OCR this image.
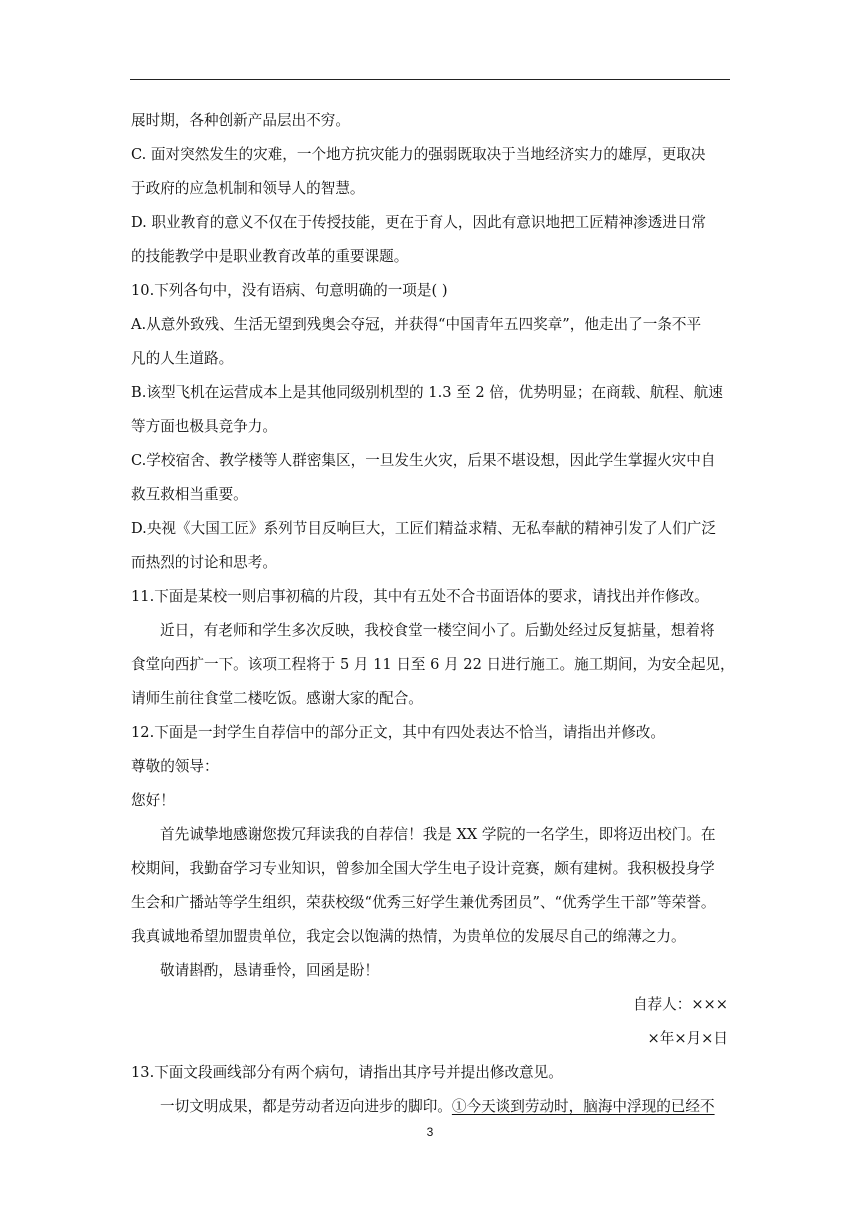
展时期，各种创新产品层出不穷。
C. 面对突然发生的灾难，一个地方抗灾能力的强弱既取决于当地经济实力的雄厚，更取决
于政府的应急机制和领导人的智慧。
D. 职业教育的意义不仅在于传授技能，更在于育人，因此有意识地把工匠精神渗透进日常
的技能教学中是职业教育改革的重要课题。
10.下列各句中，没有语病、句意明确的一项是( )
A.从意外致残、生活无望到残奥会夺冠，并获得“中国青年五四奖章”，他走出了一条不平
凡的人生道路。
B.该型飞机在运营成本上是其他同级别机型的 1.3 至 2 倍，优势明显；在商载、航程、航速
等方面也极具竞争力。
C.学校宿舍、教学楼等人群密集区，一旦发生火灾，后果不堪设想，因此学生掌握火灾中自
救互救相当重要。
D.央视《大国工匠》系列节目反响巨大，工匠们精益求精、无私奉献的精神引发了人们广泛
而热烈的讨论和思考。
11.下面是某校一则启事初稿的片段，其中有五处不合书面语体的要求，请找出并作修改。
近日，有老师和学生多次反映，我校食堂一楼空间小了。后勤处经过反复掂量，想着将
食堂向西扩一下。该项工程将于 5 月 11 日至 6 月 22 日进行施工。施工期间，为安全起见，
请师生前往食堂二楼吃饭。感谢大家的配合。
12.下面是一封学生自荐信中的部分正文，其中有四处表达不恰当，请指出并修改。
尊敬的领导：
您好！
首先诚挚地感谢您拨冗拜读我的自荐信！我是 XX 学院的一名学生，即将迈出校门。在
校期间，我勤奋学习专业知识，曾参加全国大学生电子设计竞赛，颇有建树。我积极投身学
生会和广播站等学生组织，荣获校级“优秀三好学生兼优秀团员”、“优秀学生干部”等荣誉。
我真诚地希望加盟贵单位，我定会以饱满的热情，为贵单位的发展尽自己的绵薄之力。
敬请斟酌，恳请垂怜，回函是盼！
自荐人：×××
×年×月×日
13.下面文段画线部分有两个病句，请指出其序号并提出修改意见。
一切文明成果，都是劳动者迈向进步的脚印。①今天谈到劳动时，脑海中浮现的已经不
3
